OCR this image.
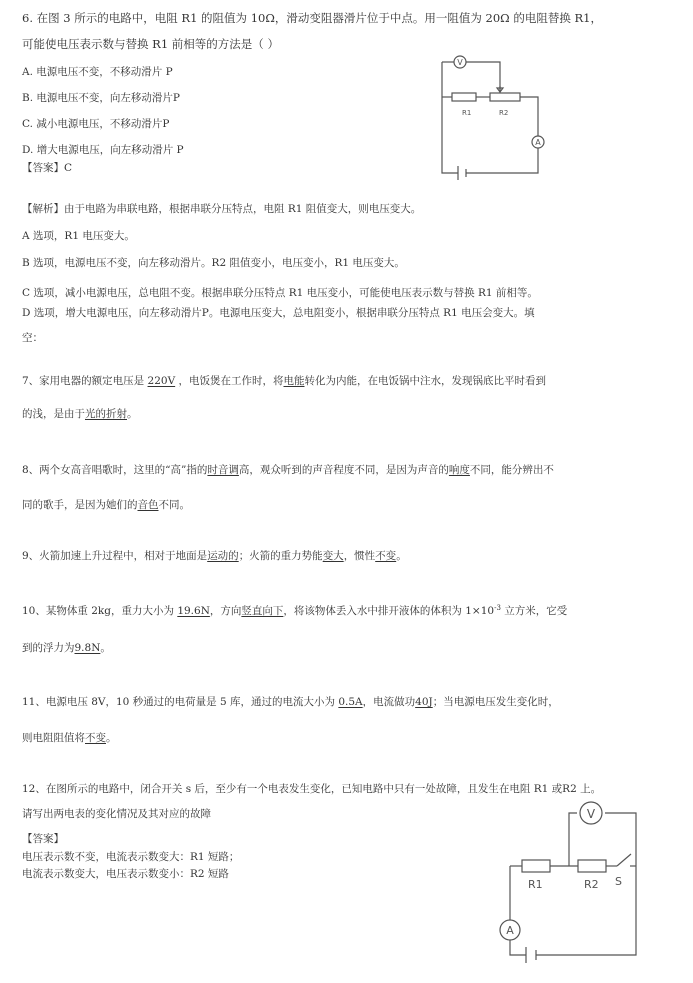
6. 在图 3 所示的电路中，电阻 R1 的阻值为 10Ω，滑动变阻器滑片位于中点。用一阻值为 20Ω 的电阻替换 R1，
可能使电压表示数与替换 R1 前相等的方法是（ ）
A. 电源电压不变，不移动滑片 P
B. 电源电压不变，向左移动滑片P
C. 减小电源电压，不移动滑片P
D. 增大电源电压，向左移动滑片 P
【答案】C
V
A
R1	R2
【解析】由于电路为串联电路，根据串联分压特点，电阻 R1 阻值变大，则电压变大。
A 选项，R1 电压变大。
B 选项，电源电压不变，向左移动滑片。R2 阻值变小，电压变小，R1 电压变大。
C 选项，减小电源电压，总电阻不变。根据串联分压特点 R1 电压变小，可能使电压表示数与替换 R1 前相等。
D 选项，增大电源电压，向左移动滑片P。电源电压变大，总电阻变小，根据串联分压特点 R1 电压会变大。填
空：
7、家用电器的额定电压是 220V ，电饭煲在工作时，将电能转化为内能，在电饭锅中注水，发现锅底比平时看到
的浅，是由于光的折射。
8、两个女高音唱歌时，这里的“高”指的时音调高，观众听到的声音程度不同，是因为声音的响度不同，能分辨出不
同的歌手，是因为她们的音色不同。
9、火箭加速上升过程中，相对于地面是运动的；火箭的重力势能变大，惯性不变。
10、某物体重 2kg，重力大小为 19.6N，方向竖直向下，将该物体丢入水中排开液体的体积为 $1\times 10^{-3}$ 立方米，它受
到的浮力为9.8N。
11、电源电压 8V，10 秒通过的电荷量是 5 库，通过的电流大小为 0.5A，电流做功40J；当电源电压发生变化时，
则电阻阻值将不变。
12、在图所示的电路中，闭合开关 s 后，至少有一个电表发生变化，已知电路中只有一处故障，且发生在电阻 R1 或R2 上。
请写出两电表的变化情况及其对应的故障
【答案】
电压表示数不变，电流表示数变大：R1 短路；
电流表示数变大，电压表示数变小：R2 短路
V
A
R1	R2 S
